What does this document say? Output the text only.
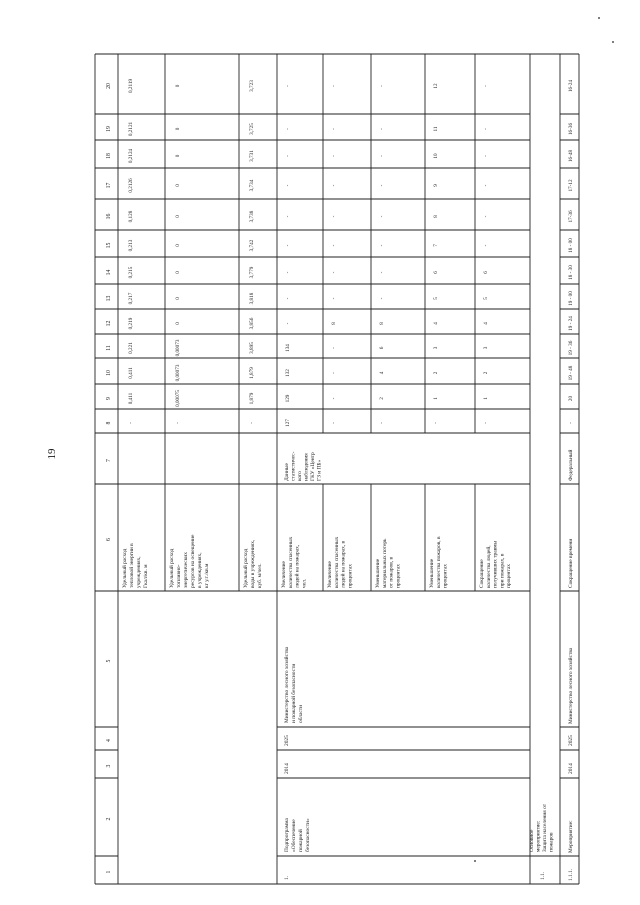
19
1
2
3
4
5
6
7
8
9
10
11
12
13
14
15
16
17
18
19
20
Удельный расход тепловой энергии в учреждениях, Гкал/кв. м
-
0,411
0,411
0,221
0,219
0,217
0,215
0,213
0,128
0,2126
0,2124
0,2121
0,2119
Удельный расход топливно- энергетических ресурсов на освещение в учреждениях, кг у.т./кв.м
-
0,00075
0,00073
0,00073
0
0
0
0
0
0
0
0
0
Удельный расход воды в учреждениях, куб. м/чел.
-
1,879
1,879
3,895
3,856
3,818
3,779
3,742
3,738
3,734
3,731
3,725
3,723
1.
Подпрограмма «Обеспечение пожарной безопасности»
2014
2025
Министерство лесного хозяйства и пожарной безопасности области
Данные статистичес- кого наблюдения ГКУ «Центр ГЗ и ПБ»
Увеличение количества спасенных людей на пожарах, чел.
127
129
132
134
-
-
-
-
-
-
-
-
-
Увеличение количества спасенных людей на пожарах, в процентах
-
-
-
-
8
-
-
-
-
-
-
-
-
Уменьшение материальных потерь от пожаров, в процентах
-
2
4
6
8
-
-
-
-
-
-
-
-
Уменьшение количества пожаров, в процентах
-
1
2
3
4
5
6
7
8
9
10
11
12
Сокращение количества людей, получивших травмы при пожарах, в процентах
-
1
2
3
4
5
6
-
-
-
-
-
-
1.1.
Основное мероприятие: Защита населения от пожаров
1.1.1.
Мероприятие:
2014
2025
Министерство лесного хозяйства
Сокращение времени
Федеральный
-
20
19 - 48
19 - 36
19 - 24
19 - 00
18 - 30
18 - 00
17-36
17-12
16-48
16-36
16-24
